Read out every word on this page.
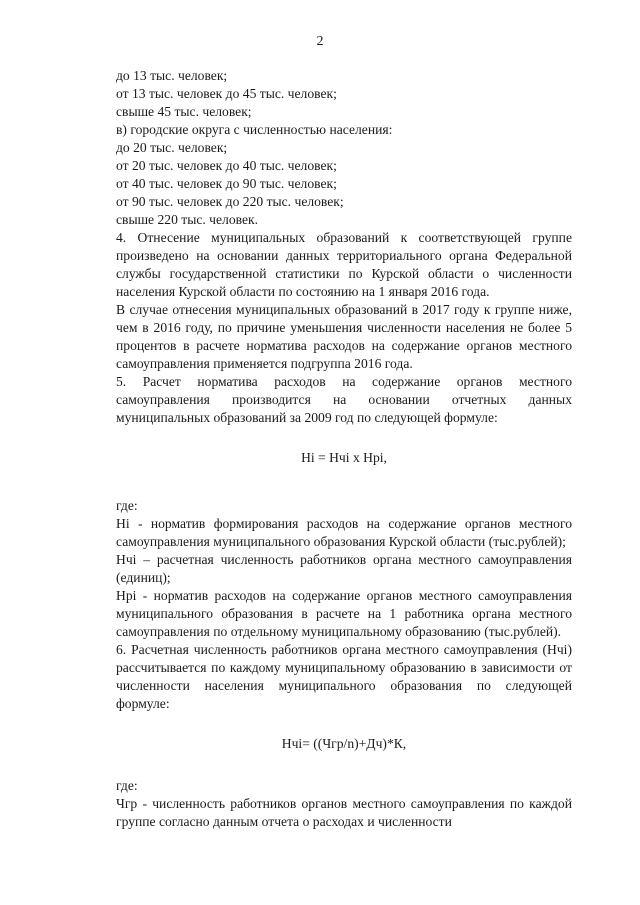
2
до 13 тыс. человек;
от 13 тыс. человек до 45 тыс. человек;
свыше 45 тыс. человек;
в) городские округа с численностью населения:
до 20 тыс. человек;
от 20 тыс. человек до 40 тыс. человек;
от 40 тыс. человек до 90 тыс. человек;
от 90 тыс. человек до 220 тыс. человек;
свыше 220 тыс. человек.

4. Отнесение муниципальных образований к соответствующей группе произведено на основании данных территориального органа Федеральной службы государственной статистики по Курской области о численности населения Курской области по состоянию на 1 января 2016 года.

В случае отнесения муниципальных образований в 2017 году к группе ниже, чем в 2016 году, по причине уменьшения численности населения не более 5 процентов в расчете норматива расходов на содержание органов местного самоуправления применяется подгруппа 2016 года.

5. Расчет норматива расходов на содержание органов местного самоуправления производится на основании отчетных данных муниципальных образований за 2009 год по следующей формуле:

Hi = Нчi х Нрi,

где:

Hi - норматив формирования расходов на содержание органов местного самоуправления муниципального образования Курской области (тыс.рублей);

Нчi – расчетная численность работников органа местного самоуправления (единиц);

Нрi - норматив расходов на содержание органов местного самоуправления муниципального образования в расчете на 1 работника органа местного самоуправления по отдельному муниципальному образованию (тыс.рублей).

6. Расчетная численность работников органа местного самоуправления (Нчi) рассчитывается по каждому муниципальному образованию в зависимости от численности населения муниципального образования по следующей формуле:

Нчi= ((Чгр/n)+Дч)*К,

где:

Чгр - численность работников органов местного самоуправления по каждой группе согласно данным отчета о расходах и численности
